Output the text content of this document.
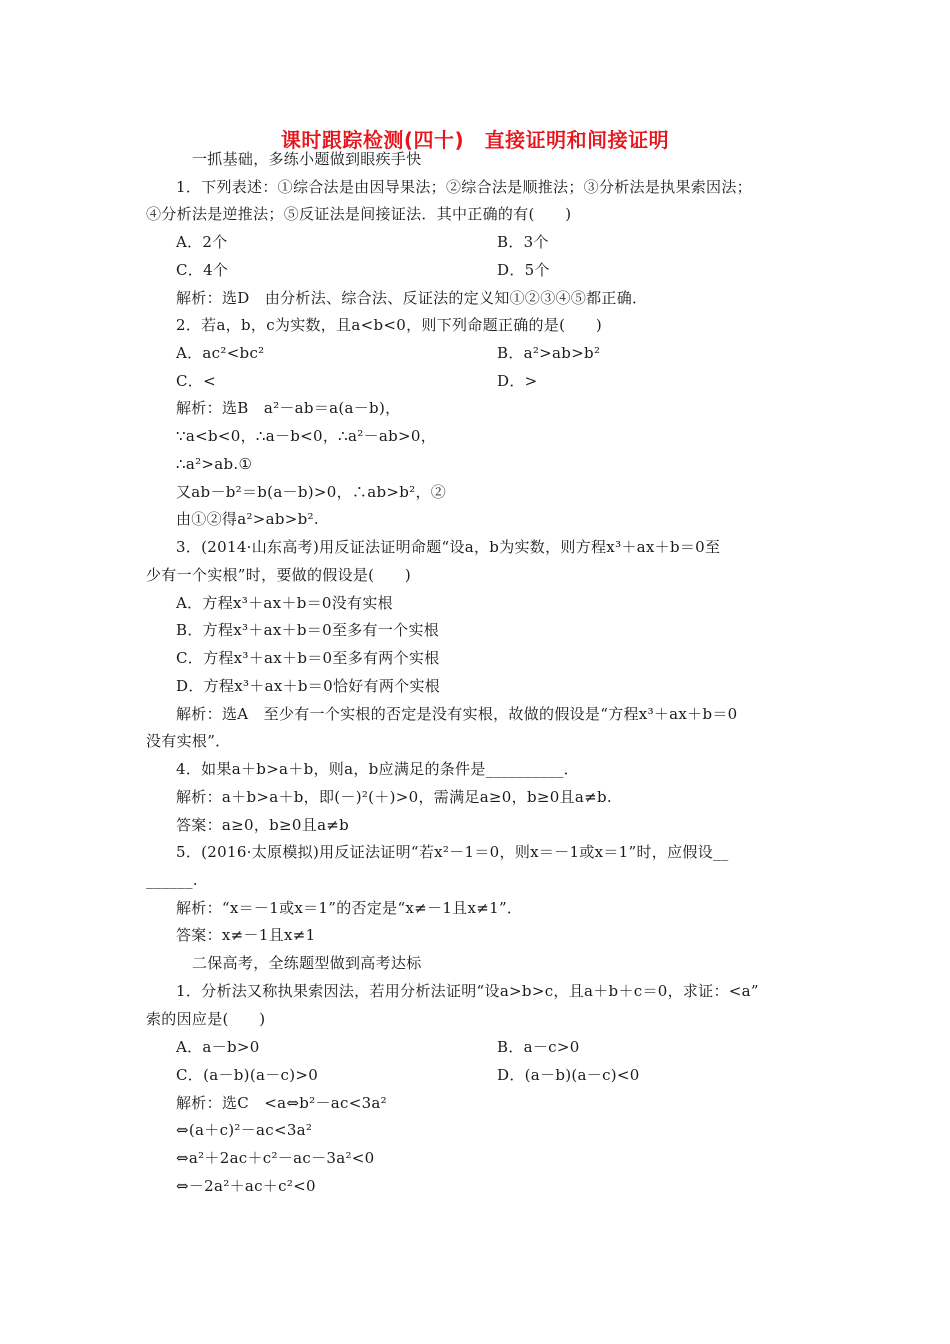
课时跟踪检测(四十)　直接证明和间接证明
一抓基础，多练小题做到眼疾手快
1．下列表述：①综合法是由因导果法；②综合法是顺推法；③分析法是执果索因法；
④分析法是逆推法；⑤反证法是间接证法．其中正确的有(　　)
A．2个	B．3个
C．4个	D．5个
解析：选D　由分析法、综合法、反证法的定义知①②③④⑤都正确．
2．若a，b，c为实数，且a<b<0，则下列命题正确的是(　　)
A．ac²<bc²	B．a²>ab>b²
C．<	D．>
解析：选B　a²－ab＝a(a－b)，
∵a<b<0，∴a－b<0，∴a²－ab>0，
∴a²>ab.①
又ab－b²＝b(a－b)>0，∴ab>b²，②
由①②得a²>ab>b².
3．(2014·山东高考)用反证法证明命题“设a，b为实数，则方程x³＋ax＋b＝0至
少有一个实根”时，要做的假设是(　　)
A．方程x³＋ax＋b＝0没有实根
B．方程x³＋ax＋b＝0至多有一个实根
C．方程x³＋ax＋b＝0至多有两个实根
D．方程x³＋ax＋b＝0恰好有两个实根
解析：选A　至少有一个实根的否定是没有实根，故做的假设是“方程x³＋ax＋b＝0
没有实根”．
4．如果a＋b>a＋b，则a，b应满足的条件是__________．
解析：a＋b>a＋b，即(－)²(＋)>0，需满足a≥0，b≥0且a≠b.
答案：a≥0，b≥0且a≠b
5．(2016·太原模拟)用反证法证明“若x²－1＝0，则x＝－1或x＝1”时，应假设__
______.
解析：“x＝－1或x＝1”的否定是“x≠－1且x≠1”．
答案：x≠－1且x≠1
二保高考，全练题型做到高考达标
1．分析法又称执果索因法，若用分析法证明“设a>b>c，且a＋b＋c＝0，求证：<a”
索的因应是(　　)
A．a－b>0	B．a－c>0
C．(a－b)(a－c)>0	D．(a－b)(a－c)<0
解析：选C　<a⇔b²－ac<3a²
⇔(a＋c)²－ac<3a²
⇔a²＋2ac＋c²－ac－3a²<0
⇔－2a²＋ac＋c²<0
